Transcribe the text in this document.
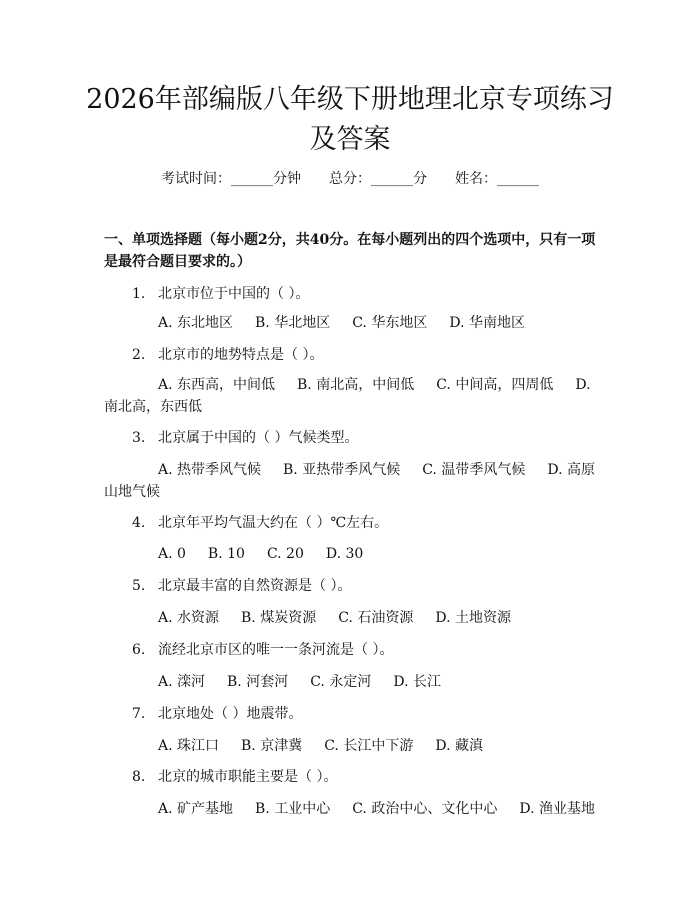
2026年部编版八年级下册地理北京专项练习
及答案
考试时间：______分钟 总分：______分 姓名：______
一、单项选择题（每小题2分，共40分。在每小题列出的四个选项中，只有一项
是最符合题目要求的。）
1. 北京市位于中国的（ ）。
A. 东北地区 B. 华北地区 C. 华东地区 D. 华南地区
2. 北京市的地势特点是（ ）。
A. 东西高，中间低 B. 南北高，中间低 C. 中间高，四周低 D.
南北高，东西低
3. 北京属于中国的（ ）气候类型。
A. 热带季风气候 B. 亚热带季风气候 C. 温带季风气候 D. 高原
山地气候
4. 北京年平均气温大约在（ ）℃左右。
A. 0 B. 10 C. 20 D. 30
5. 北京最丰富的自然资源是（ ）。
A. 水资源 B. 煤炭资源 C. 石油资源 D. 土地资源
6. 流经北京市区的唯一一条河流是（ ）。
A. 滦河 B. 河套河 C. 永定河 D. 长江
7. 北京地处（ ）地震带。
A. 珠江口 B. 京津冀 C. 长江中下游 D. 藏滇
8. 北京的城市职能主要是（ ）。
A. 矿产基地 B. 工业中心 C. 政治中心、文化中心 D. 渔业基地
